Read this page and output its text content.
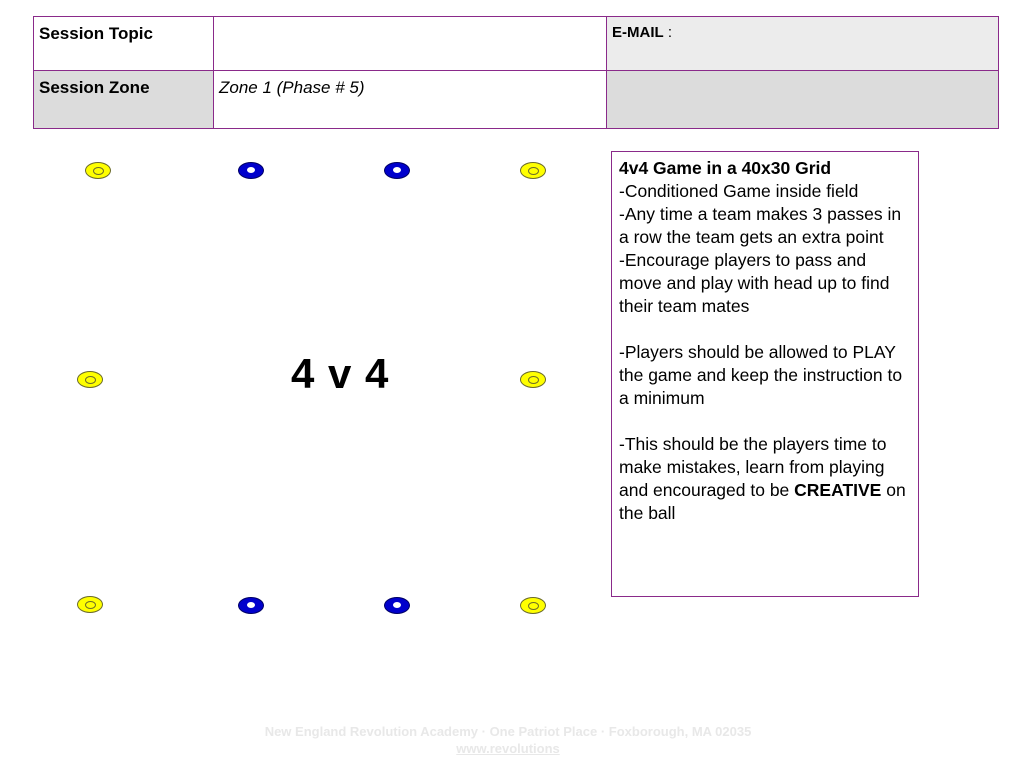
Session Topic	E-MAIL :
Session Zone	Zone 1 (Phase # 5)
4 v 4

4v4 Game in a 40x30 Grid

-Conditioned Game inside field

-Any time a team makes 3 passes in a row the team gets an extra point

-Encourage players to pass and move and play with head up to find their team mates

-Players should be allowed to PLAY the game and keep the instruction to a minimum

-This should be the players time to make mistakes, learn from playing and encouraged to be CREATIVE on the ball

New England Revolution Academy · One Patriot Place · Foxborough, MA 02035
www.revolutions
